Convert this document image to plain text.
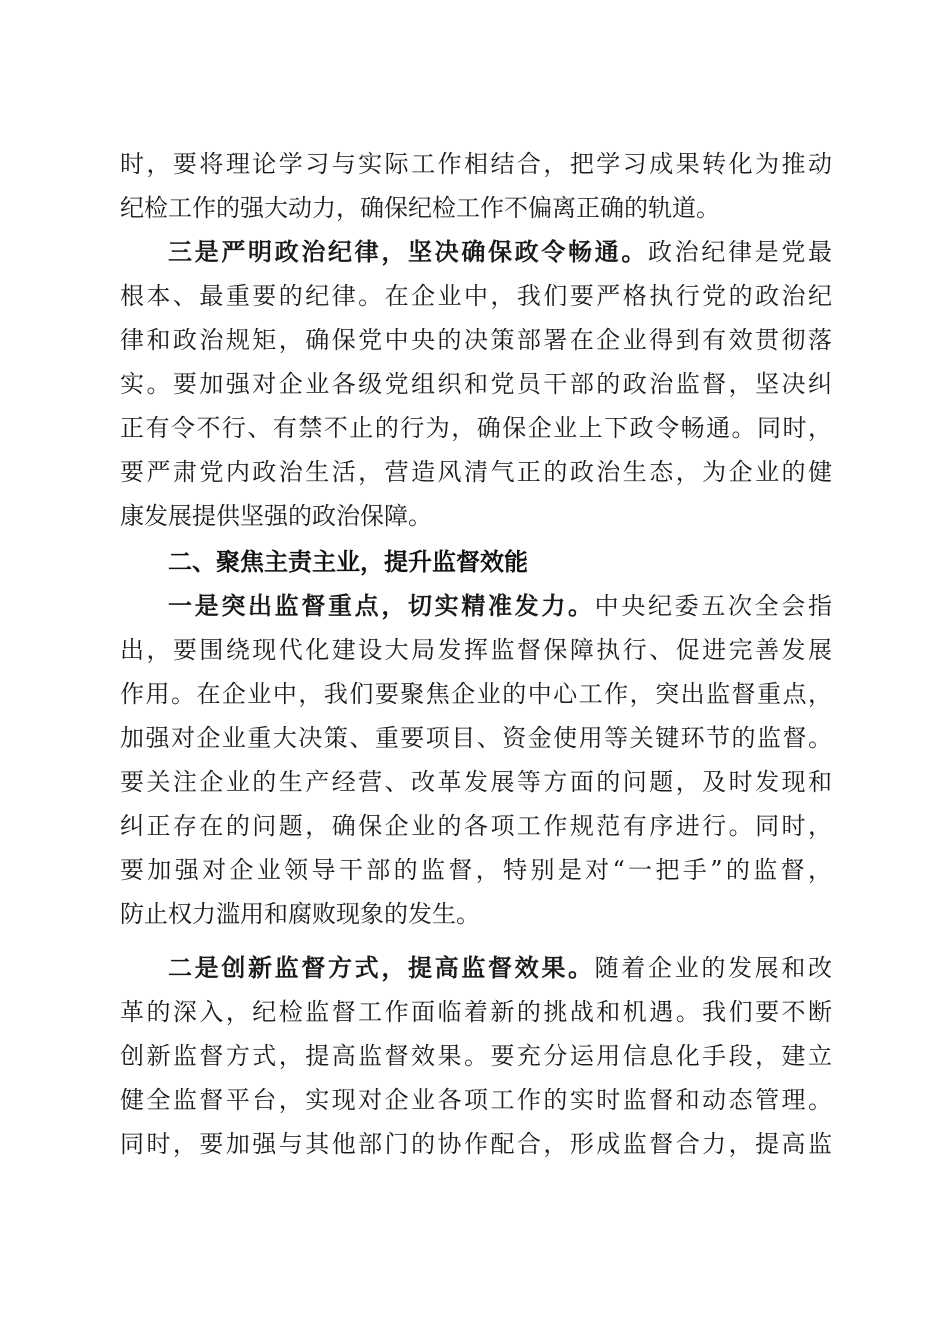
时，要将理论学习与实际工作相结合，把学习成果转化为推动
纪检工作的强大动力，确保纪检工作不偏离正确的轨道。
三是严明政治纪律，坚决确保政令畅通。政治纪律是党最
根本、最重要的纪律。在企业中，我们要严格执行党的政治纪
律和政治规矩，确保党中央的决策部署在企业得到有效贯彻落
实。要加强对企业各级党组织和党员干部的政治监督，坚决纠
正有令不行、有禁不止的行为，确保企业上下政令畅通。同时，
要严肃党内政治生活，营造风清气正的政治生态，为企业的健
康发展提供坚强的政治保障。
二、聚焦主责主业，提升监督效能
一是突出监督重点，切实精准发力。中央纪委五次全会指
出，要围绕现代化建设大局发挥监督保障执行、促进完善发展
作用。在企业中，我们要聚焦企业的中心工作，突出监督重点，
加强对企业重大决策、重要项目、资金使用等关键环节的监督。
要关注企业的生产经营、改革发展等方面的问题，及时发现和
纠正存在的问题，确保企业的各项工作规范有序进行。同时，
要加强对企业领导干部的监督，特别是对“一把手”的监督，
防止权力滥用和腐败现象的发生。
二是创新监督方式，提高监督效果。随着企业的发展和改
革的深入，纪检监督工作面临着新的挑战和机遇。我们要不断
创新监督方式，提高监督效果。要充分运用信息化手段，建立
健全监督平台，实现对企业各项工作的实时监督和动态管理。
同时，要加强与其他部门的协作配合，形成监督合力，提高监
